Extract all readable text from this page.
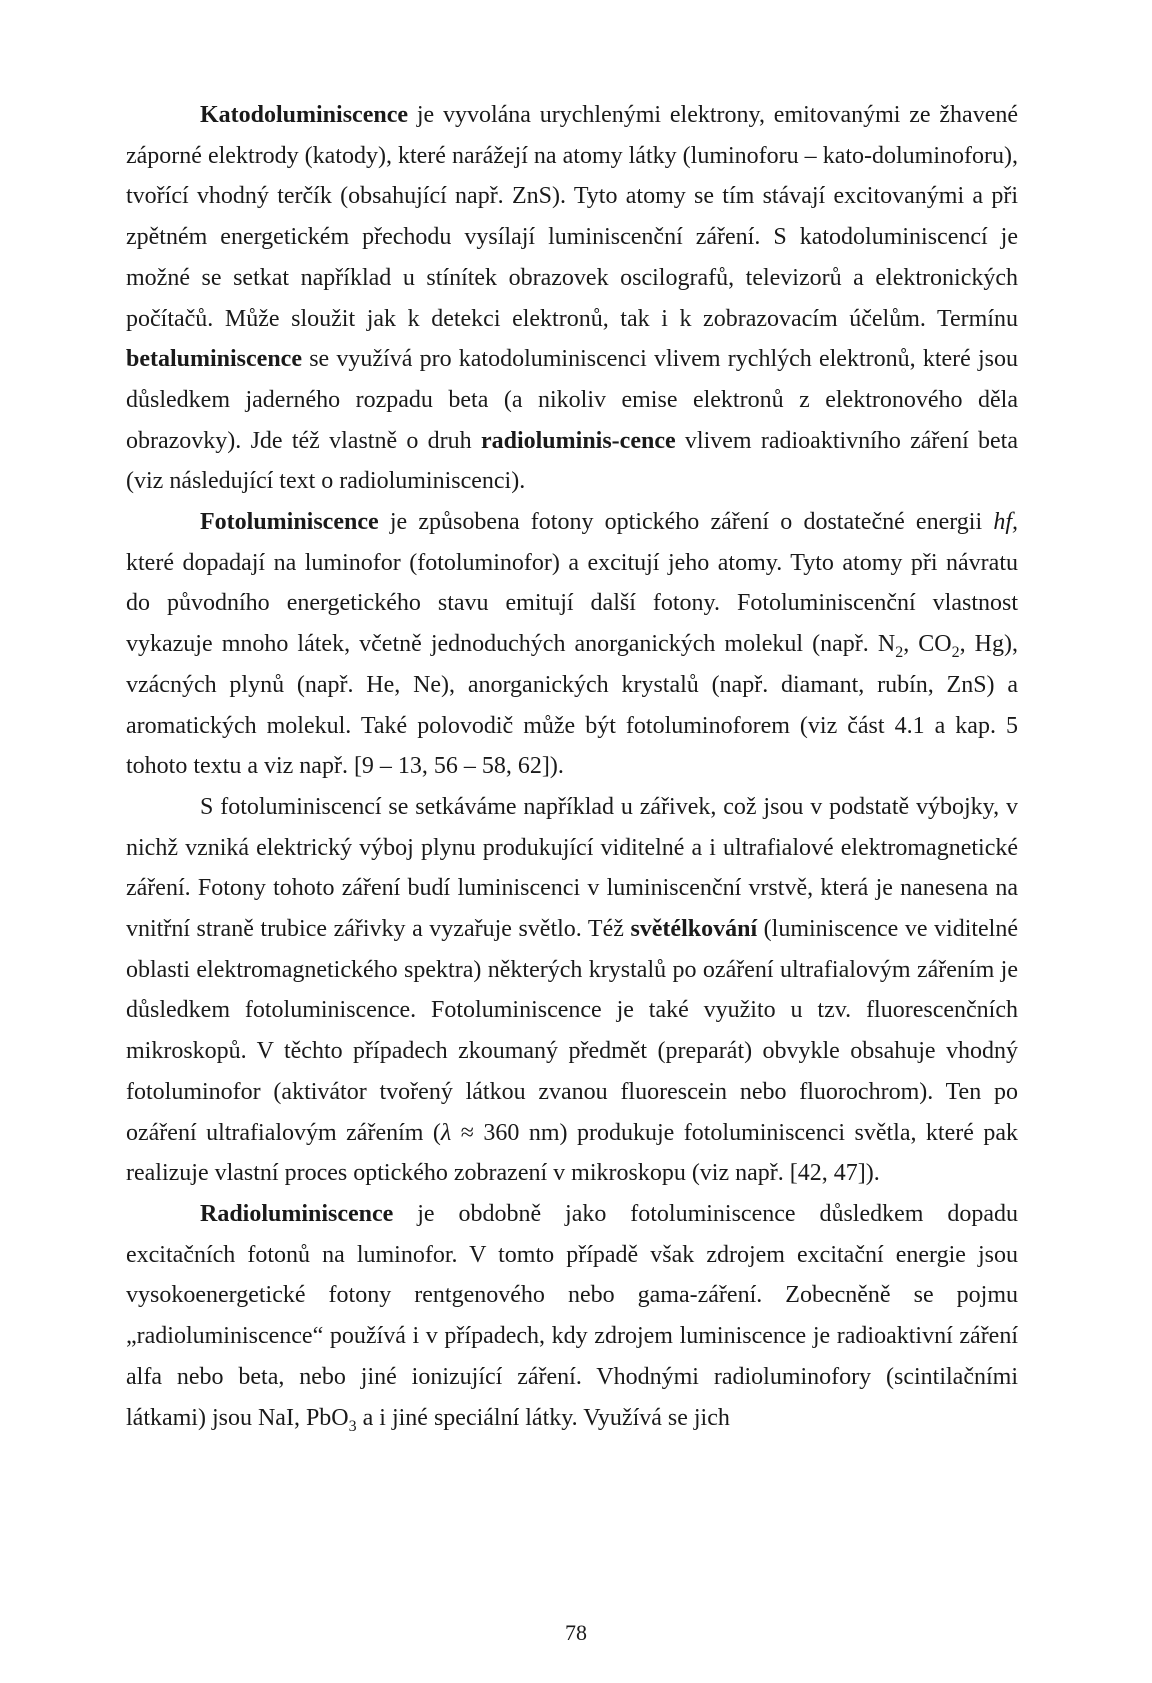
Katodoluminiscence je vyvolána urychlenými elektrony, emitovanými ze žhavené záporné elektrody (katody), které narážejí na atomy látky (luminoforu – kato-doluminoforu), tvořící vhodný terčík (obsahující např. ZnS). Tyto atomy se tím stávají excitovanými a při zpětném energetickém přechodu vysílají luminiscenční záření. S katodoluminiscencí je možné se setkat například u stínítek obrazovek oscilografů, televizorů a elektronických počítačů. Může sloužit jak k detekci elektronů, tak i k zobrazovacím účelům. Termínu betaluminiscence se využívá pro katodoluminiscenci vlivem rychlých elektronů, které jsou důsledkem jaderného rozpadu beta (a nikoliv emise elektronů z elektronového děla obrazovky). Jde též vlastně o druh radioluminis-cence vlivem radioaktivního záření beta (viz následující text o radioluminiscenci).

Fotoluminiscence je způsobena fotony optického záření o dostatečné energii hf, které dopadají na luminofor (fotoluminofor) a excitují jeho atomy. Tyto atomy při návratu do původního energetického stavu emitují další fotony. Fotoluminiscenční vlastnost vykazuje mnoho látek, včetně jednoduchých anorganických molekul (např. $N_2$, $CO_2$, Hg), vzácných plynů (např. He, Ne), anorganických krystalů (např. diamant, rubín, ZnS) a aromatických molekul. Také polovodič může být fotoluminoforem (viz část 4.1 a kap. 5 tohoto textu a viz např. [9 – 13, 56 – 58, 62]).

S fotoluminiscencí se setkáváme například u zářivek, což jsou v podstatě výbojky, v nichž vzniká elektrický výboj plynu produkující viditelné a i ultrafialové elektromagnetické záření. Fotony tohoto záření budí luminiscenci v luminiscenční vrstvě, která je nanesena na vnitřní straně trubice zářivky a vyzařuje světlo. Též světélkování (luminiscence ve viditelné oblasti elektromagnetického spektra) některých krystalů po ozáření ultrafialovým zářením je důsledkem fotoluminiscence. Fotoluminiscence je také využito u tzv. fluorescenčních mikroskopů. V těchto případech zkoumaný předmět (preparát) obvykle obsahuje vhodný fotoluminofor (aktivátor tvořený látkou zvanou fluorescein nebo fluorochrom). Ten po ozáření ultrafialovým zářením (λ ≈ 360 nm) produkuje fotoluminiscenci světla, které pak realizuje vlastní proces optického zobrazení v mikroskopu (viz např. [42, 47]).

Radioluminiscence je obdobně jako fotoluminiscence důsledkem dopadu excitačních fotonů na luminofor. V tomto případě však zdrojem excitační energie jsou vysokoenergetické fotony rentgenového nebo gama-záření. Zobecněně se pojmu „radioluminiscence“ používá i v případech, kdy zdrojem luminiscence je radioaktivní záření alfa nebo beta, nebo jiné ionizující záření. Vhodnými radioluminofory (scintilačními látkami) jsou NaI, PbO$_3$ a i jiné speciální látky. Využívá se jich

78
